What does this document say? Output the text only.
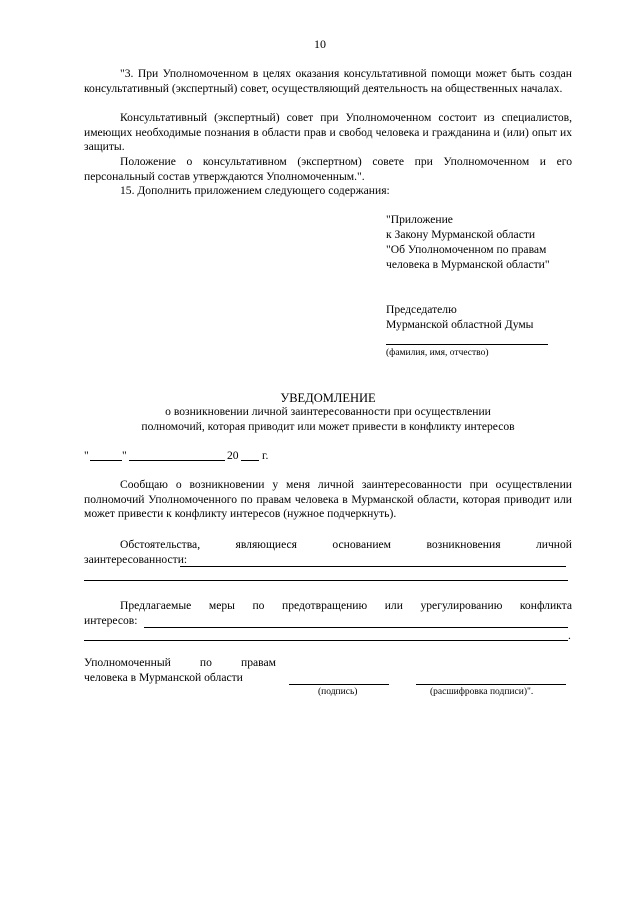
10
"3. При Уполномоченном в целях оказания консультативной помощи может быть создан консультативный (экспертный) совет, осуществляющий деятельность на общественных началах.
Консультативный (экспертный) совет при Уполномоченном состоит из специалистов, имеющих необходимые познания в области прав и свобод человека и гражданина и (или) опыт их защиты.
Положение о консультативном (экспертном) совете при Уполномоченном и его персональный состав утверждаются Уполномоченным.".
15. Дополнить приложением следующего содержания:
"Приложение
к Закону Мурманской области
"Об Уполномоченном по правам
человека в Мурманской области"
Председателю
Мурманской областной Думы
(фамилия, имя, отчество)
УВЕДОМЛЕНИЕ
о возникновении личной заинтересованности при осуществлении
полномочий, которая приводит или может привести в конфликту интересов
"	"	20 г.
Сообщаю о возникновении у меня личной заинтересованности при осуществлении полномочий Уполномоченного по правам человека в Мурманской области, которая приводит или может привести к конфликту интересов (нужное подчеркнуть).
Обстоятельства, являющиеся основанием возникновения личной
заинтересованности:
Предлагаемые меры по предотвращению или урегулированию конфликта
интересов:
.
Уполномоченный по правам
человека в Мурманской области
(подпись)	(расшифровка подписи)".
